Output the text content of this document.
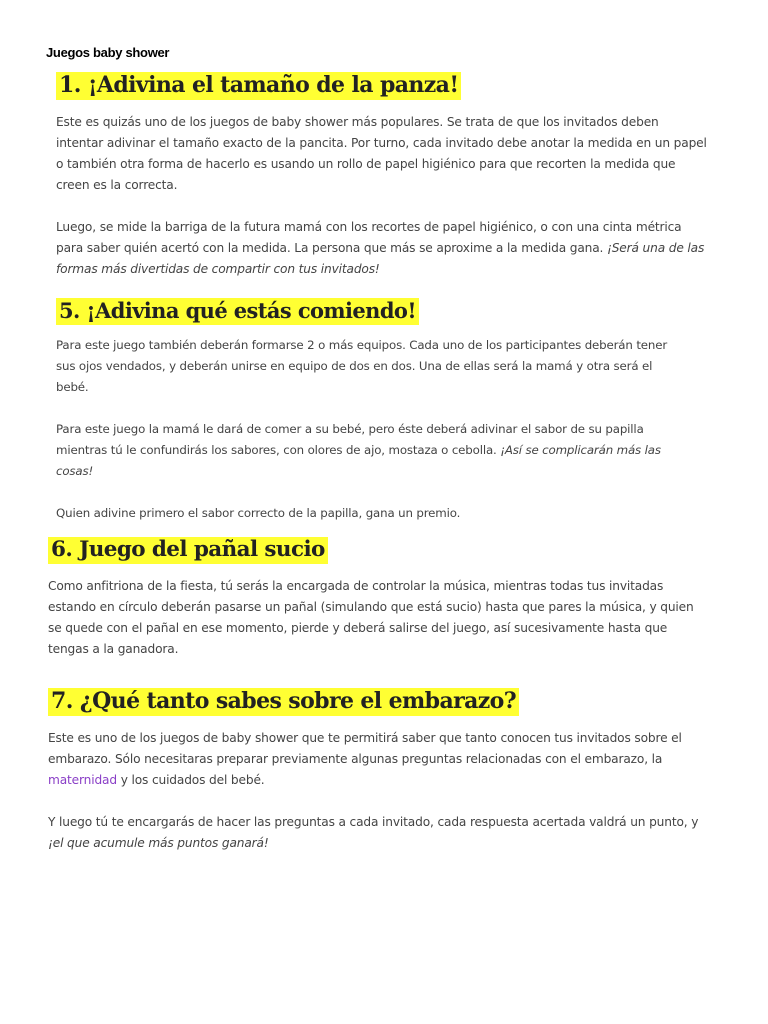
Juegos baby shower
1. ¡Adivina el tamaño de la panza!

Este es quizás uno de los juegos de baby shower más populares. Se trata de que los invitados deben
intentar adivinar el tamaño exacto de la pancita. Por turno, cada invitado debe anotar la medida en un papel
o también otra forma de hacerlo es usando un rollo de papel higiénico para que recorten la medida que
creen es la correcta.

Luego, se mide la barriga de la futura mamá con los recortes de papel higiénico, o con una cinta métrica
para saber quién acertó con la medida. La persona que más se aproxime a la medida gana. ¡Será una de las
formas más divertidas de compartir con tus invitados!

5. ¡Adivina qué estás comiendo!

Para este juego también deberán formarse 2 o más equipos. Cada uno de los participantes deberán tener
sus ojos vendados, y deberán unirse en equipo de dos en dos. Una de ellas será la mamá y otra será el
bebé.

Para este juego la mamá le dará de comer a su bebé, pero éste deberá adivinar el sabor de su papilla
mientras tú le confundirás los sabores, con olores de ajo, mostaza o cebolla. ¡Así se complicarán más las
cosas!

Quien adivine primero el sabor correcto de la papilla, gana un premio.

6. Juego del pañal sucio

Como anfitriona de la fiesta, tú serás la encargada de controlar la música, mientras todas tus invitadas
estando en círculo deberán pasarse un pañal (simulando que está sucio) hasta que pares la música, y quien
se quede con el pañal en ese momento, pierde y deberá salirse del juego, así sucesivamente hasta que
tengas a la ganadora.

7. ¿Qué tanto sabes sobre el embarazo?

Este es uno de los juegos de baby shower que te permitirá saber que tanto conocen tus invitados sobre el
embarazo. Sólo necesitaras preparar previamente algunas preguntas relacionadas con el embarazo, la
maternidad y los cuidados del bebé.

Y luego tú te encargarás de hacer las preguntas a cada invitado, cada respuesta acertada valdrá un punto, y
¡el que acumule más puntos ganará!
